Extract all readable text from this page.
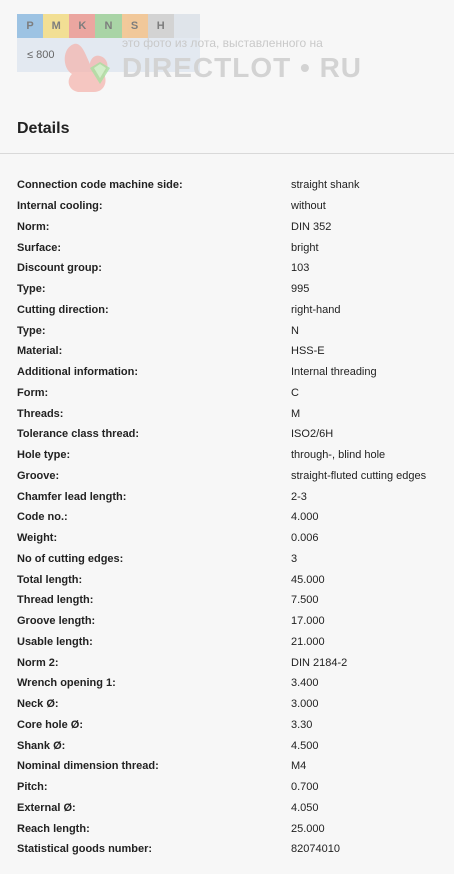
P	M	K	N	S	H
≤ 800
это фото из лота, выставленного на
DIRECTLOT • RU
Details
Connection code machine side:	straight shank
Internal cooling:	without
Norm:	DIN 352
Surface:	bright
Discount group:	103
Type:	995
Cutting direction:	right-hand
Type:	N
Material:	HSS-E
Additional information:	Internal threading
Form:	C
Threads:	M
Tolerance class thread:	ISO2/6H
Hole type:	through-, blind hole
Groove:	straight-fluted cutting edges
Chamfer lead length:	2-3
Code no.:	4.000
Weight:	0.006
No of cutting edges:	3
Total length:	45.000
Thread length:	7.500
Groove length:	17.000
Usable length:	21.000
Norm 2:	DIN 2184-2
Wrench opening 1:	3.400
Neck Ø:	3.000
Core hole Ø:	3.30
Shank Ø:	4.500
Nominal dimension thread:	M4
Pitch:	0.700
External Ø:	4.050
Reach length:	25.000
Statistical goods number:	82074010
